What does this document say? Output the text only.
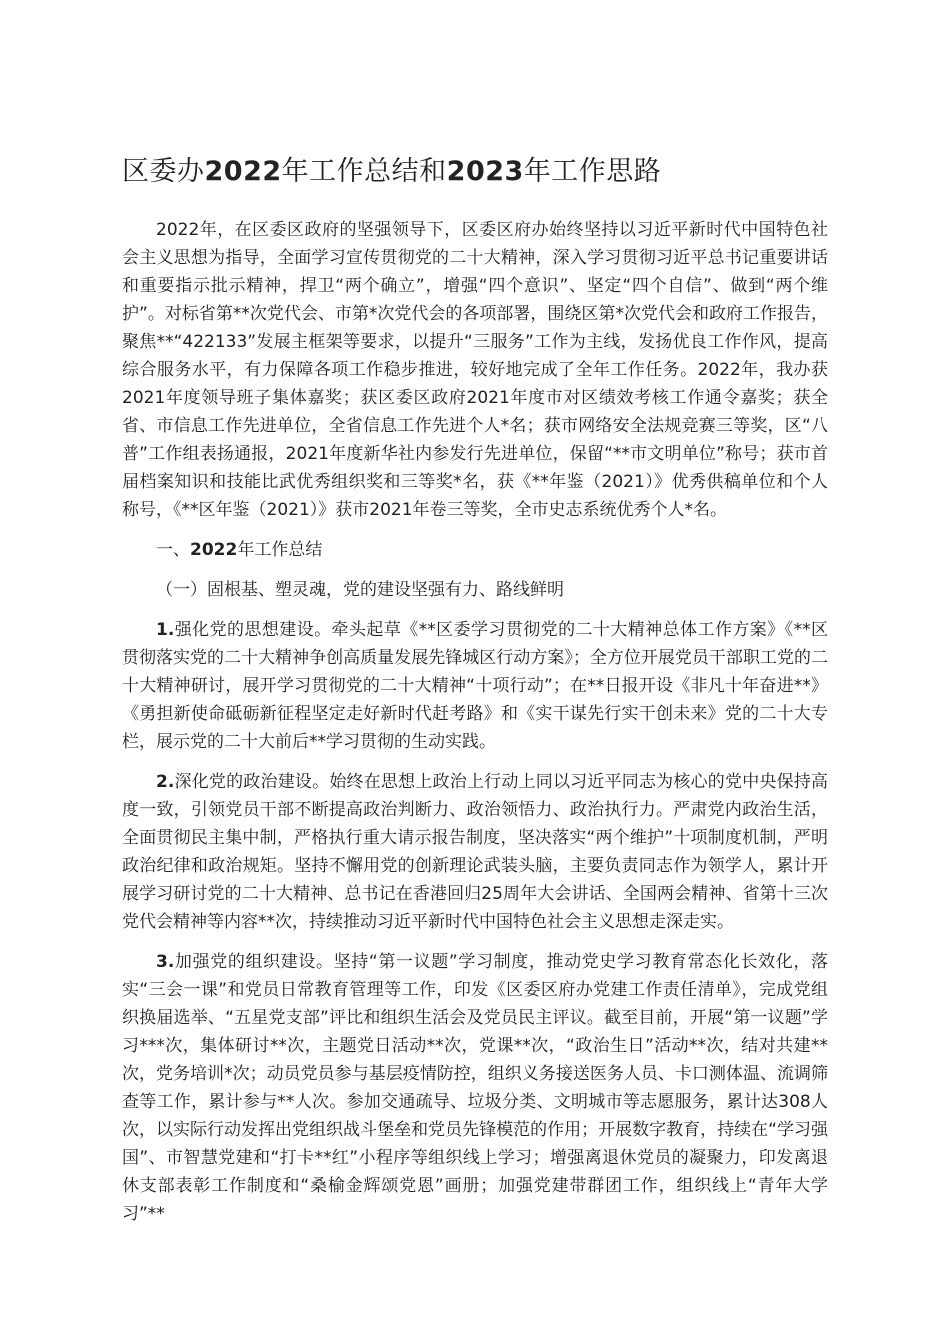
区委办2022年工作总结和2023年工作思路

2022年，在区委区政府的坚强领导下，区委区府办始终坚持以习近平新时代中国特色社会主义思想为指导，全面学习宣传贯彻党的二十大精神，深入学习贯彻习近平总书记重要讲话和重要指示批示精神，捍卫“两个确立”，增强“四个意识”、坚定“四个自信”、做到“两个维护”。对标省第**次党代会、市第*次党代会的各项部署，围绕区第*次党代会和政府工作报告，聚焦**“422133”发展主框架等要求，以提升“三服务”工作为主线，发扬优良工作作风，提高综合服务水平，有力保障各项工作稳步推进，较好地完成了全年工作任务。2022年，我办获2021年度领导班子集体嘉奖；获区委区政府2021年度市对区绩效考核工作通令嘉奖；获全省、市信息工作先进单位，全省信息工作先进个人*名；获市网络安全法规竞赛三等奖，区“八普”工作组表扬通报，2021年度新华社内参发行先进单位，保留“**市文明单位”称号；获市首届档案知识和技能比武优秀组织奖和三等奖*名，获《**年鉴（2021）》优秀供稿单位和个人称号，《**区年鉴（2021）》获市2021年卷三等奖，全市史志系统优秀个人*名。

一、2022年工作总结

（一）固根基、塑灵魂，党的建设坚强有力、路线鲜明

1.强化党的思想建设。牵头起草《**区委学习贯彻党的二十大精神总体工作方案》《**区贯彻落实党的二十大精神争创高质量发展先锋城区行动方案》；全方位开展党员干部职工党的二十大精神研讨，展开学习贯彻党的二十大精神“十项行动”；在**日报开设《非凡十年奋进**》《勇担新使命砥砺新征程坚定走好新时代赶考路》和《实干谋先行实干创未来》党的二十大专栏，展示党的二十大前后**学习贯彻的生动实践。

2.深化党的政治建设。始终在思想上政治上行动上同以习近平同志为核心的党中央保持高度一致，引领党员干部不断提高政治判断力、政治领悟力、政治执行力。严肃党内政治生活，全面贯彻民主集中制，严格执行重大请示报告制度，坚决落实“两个维护”十项制度机制，严明政治纪律和政治规矩。坚持不懈用党的创新理论武装头脑，主要负责同志作为领学人，累计开展学习研讨党的二十大精神、总书记在香港回归25周年大会讲话、全国两会精神、省第十三次党代会精神等内容**次，持续推动习近平新时代中国特色社会主义思想走深走实。

3.加强党的组织建设。坚持“第一议题”学习制度，推动党史学习教育常态化长效化，落实“三会一课”和党员日常教育管理等工作，印发《区委区府办党建工作责任清单》，完成党组织换届选举、“五星党支部”评比和组织生活会及党员民主评议。截至目前，开展“第一议题”学习***次，集体研讨**次，主题党日活动**次，党课**次，“政治生日”活动**次，结对共建**次，党务培训*次；动员党员参与基层疫情防控，组织义务接送医务人员、卡口测体温、流调筛查等工作，累计参与**人次。参加交通疏导、垃圾分类、文明城市等志愿服务，累计达308人次，以实际行动发挥出党组织战斗堡垒和党员先锋模范的作用；开展数字教育，持续在“学习强国”、市智慧党建和“打卡**红”小程序等组织线上学习；增强离退休党员的凝聚力，印发离退休支部表彰工作制度和“桑榆金辉颂党恩”画册；加强党建带群团工作，组织线上“青年大学习”**
